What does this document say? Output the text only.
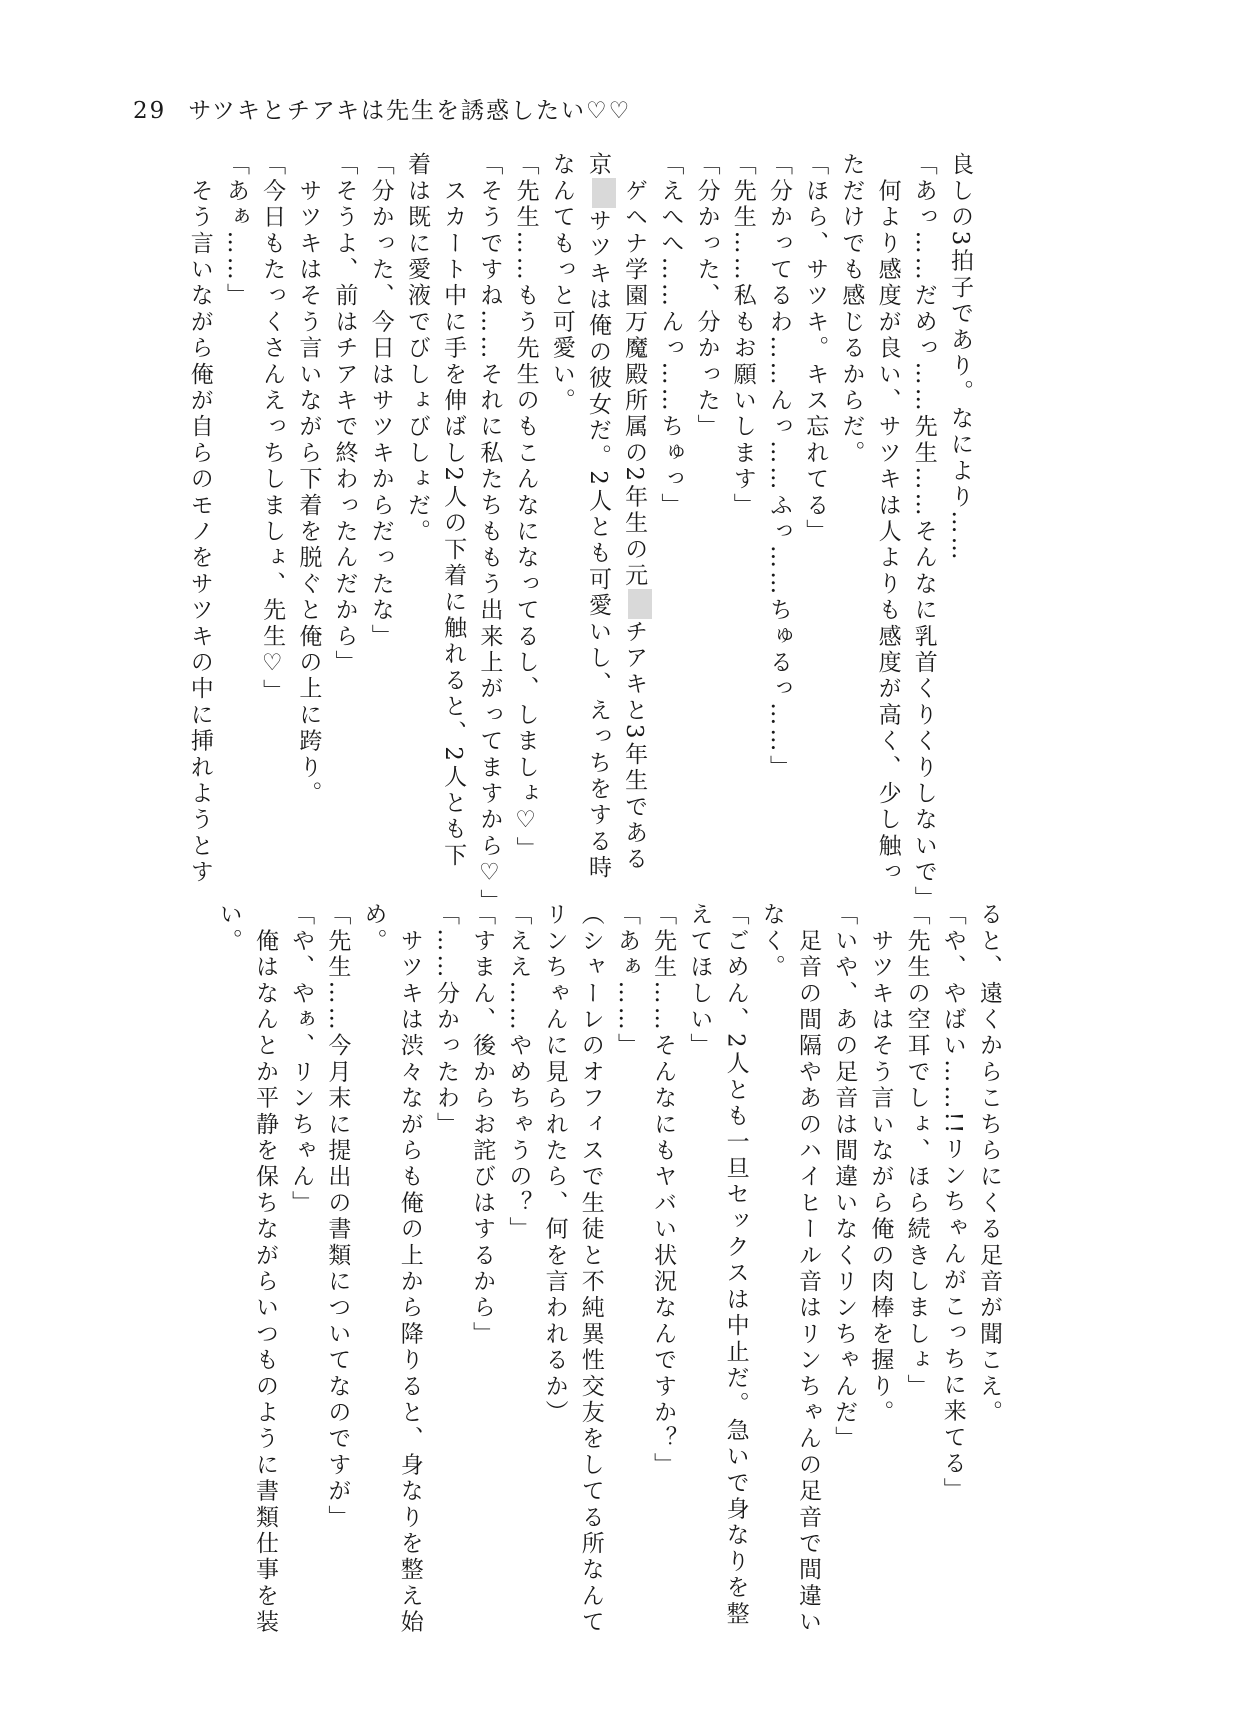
29 サツキとチアキは先生を誘惑したい♡♡
良しの3拍子であり。なにより……
「あっ……だめっ……先生……そんなに乳首くりくりしないで」
　何より感度が良い、サツキは人よりも感度が高く、少し触っ
ただけでも感じるからだ。
「ほら、サツキ。キス忘れてる」
「分かってるわ……んっ……ふっ……ちゅるっ……」
「先生……私もお願いします」
「分かった、分かった」
「えへへ……んっ……ちゅっ」
　ゲヘナ学園万魔殿所属の2年生の元チアキと3年生である
京サツキは俺の彼女だ。2人とも可愛いし、えっちをする時
なんてもっと可愛い。
「先生……もう先生のもこんなになってるし、しましょ♡」
「そうですね……それに私たちももう出来上がってますから♡」
　スカート中に手を伸ばし2人の下着に触れると、2人とも下
着は既に愛液でびしょびしょだ。
「分かった、今日はサツキからだったな」
「そうよ、前はチアキで終わったんだから」
　サツキはそう言いながら下着を脱ぐと俺の上に跨り。
「今日もたっくさんえっちしましょ、先生♡」
「あぁ……」
　そう言いながら俺が自らのモノをサツキの中に挿れようとす
ると、遠くからこちらにくる足音が聞こえ。
「や、やばい……!!リンちゃんがこっちに来てる」
「先生の空耳でしょ、ほら続きしましょ」
　サツキはそう言いながら俺の肉棒を握り。
「いや、あの足音は間違いなくリンちゃんだ」
　足音の間隔やあのハイヒール音はリンちゃんの足音で間違い
なく。
「ごめん、2人とも一旦セックスは中止だ。急いで身なりを整
えてほしい」
「先生……そんなにもヤバい状況なんですか？」
「あぁ……」
（シャーレのオフィスで生徒と不純異性交友をしてる所なんて
リンちゃんに見られたら、何を言われるか）
「ええ……やめちゃうの？」
「すまん、後からお詫びはするから」
「……分かったわ」
　サツキは渋々ながらも俺の上から降りると、身なりを整え始
め。
「先生……今月末に提出の書類についてなのですが」
「や、やぁ、リンちゃん」
　俺はなんとか平静を保ちながらいつものように書類仕事を装
い。
